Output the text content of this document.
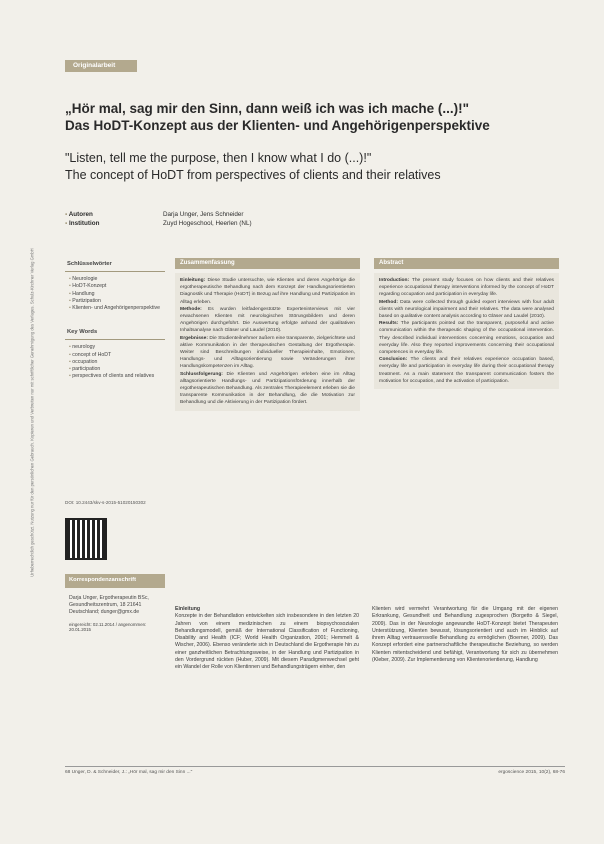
Urheberrechtlich geschützt. Nutzung nur für den persönlichen Gebrauch. Kopieren und Verbreiten nur mit schriftlicher Genehmigung des Verlages. Schulz-Kirchner Verlag GmbH
Originalarbeit
„Hör mal, sag mir den Sinn, dann weiß ich was ich mache (...)!"
Das HoDT-Konzept aus der Klienten- und Angehörigenperspektive
"Listen, tell me the purpose, then I know what I do (...)!"
The concept of HoDT from perspectives of clients and their relatives
▪ Autoren	Darja Unger, Jens Schneider
▪ Institution	Zuyd Hogeschool, Heerlen (NL)
Schlüsselwörter
▪ Neurologie
▪ HoDT-Konzept
▪ Handlung
▪ Partizipation
▪ Klienten- und Angehörigenperspektive
Key Words
▪ neurology
▪ concept of HoDT
▪ occupation
▪ participation
▪ perspectives of clients and relatives
DOI: 10.2443/skv-s-2015-51020150302
Korrespondenzanschrift
Darja Unger, Ergotherapeutin BSc, Gesundheitszentrum, 18 21641 Deutschland; dunger@gmx.de
eingereicht: 02.11.2014 / angenommen: 20.01.2015
Zusammenfassung
Einleitung: Diese Studie untersuchte, wie Klienten und deren Angehörige die ergotherapeutische Behandlung nach dem Konzept der Handlungsorientierten Diagnostik und Therapie (HoDT) in Bezug auf ihre Handlung und Partizipation im Alltag erleben.
Methode: Es wurden leitfadengestützte Experteninterviews mit vier erwachsenen Klienten mit neurologischen Störungsbildern und deren Angehörigen durchgeführt. Die Auswertung erfolgte anhand der qualitativen Inhaltsanalyse nach Gläser und Laudel (2010).
Ergebnisse: Die Studienteilnehmer äußern eine transparente, zielgerichtete und aktive Kommunikation in der therapeutischen Gestaltung der Ergotherapie. Weiter sind Beschreibungen individueller Therapieinhalte, Emotionen, Handlungs- und Alltagsorientierung sowie Veränderungen ihrer Handlungskompetenzen im Alltag.
Schlussfolgerung: Die Klienten und Angehörigen erleben eine im Alltag alltagsorientierte Handlungs- und Partizipationsförderung innerhalb der ergotherapeutischen Behandlung. Als zentrales Therapieelement erleben sie die transparente Kommunikation in der Behandlung, die die Motivation zur Behandlung und die Aktivierung in der Partizipation fördert.
Abstract
Introduction: The present study focuses on how clients and their relatives experience occupational therapy interventions informed by the concept of HoDT regarding occupation and participation in everyday life.
Method: Data were collected through guided expert interviews with four adult clients with neurological impairment and their relatives. The data were analysed based on qualitative content analysis according to Gläser and Laudel (2010).
Results: The participants pointed out the transparent, purposeful and active communication within the therapeutic shaping of the occupational intervention. They described individual interventions concerning emotions, occupation and everyday life. Also they reported improvements concerning their occupational competences in everyday life.
Conclusion: The clients and their relatives experience occupation based, everyday life and participation in everyday life during their occupational therapy treatment. As a main statement the transparent communication fosters the motivation for occupation, and the activation of participation.
Einleitung
Konzepte in der Behandlation entwickelten sich insbesondere in den letzten 20 Jahren von einem medizinischen zu einem biopsychosozialen Behandlungsmodell, gemäß der International Classification of Functioning, Disability and Health (ICF; World Health Organization, 2001; Hemmelt & Wischer, 2006). Ebenso veränderte sich in Deutschland die Ergotherapie hin zu einer ganzheitlichen Betrachtungsweise, in der Handlung und Partizipation in den Vordergrund rückten (Huber, 2009). Mit diesem Paradigmenwechsel geht ein Wandel der Rolle von Klientinnen und Behandlungsträgern einher, den
Klienten wird vermehrt Verantwortung für die Umgang mit der eigenen Erkrankung, Gesundheit und Behandlung zugesprochen (Borgetto & Siegel, 2009). Das in der Neurologie angewandte HoDT-Konzept bietet Therapeuten Unterstützung, Klienten bewusst, lösungsorientiert und auch im Hinblick auf ihrem Alltag vertrauensvolle Behandlung zu ermöglichen (Boerner, 2009). Das Konzept erfordert eine partnerschaftliche therapeutische Beziehung, so werden Klienten mitentscheidend und befähigt, Verantwortung für sich zu übernehmen (Kleber, 2009). Zur Implementierung von Klientenorientierung, Handlung
68 Unger, D. & Schneider, J.: „Hör mal, sag mir den Sinn ..."	ergoscience 2015, 10(2), 68-76
